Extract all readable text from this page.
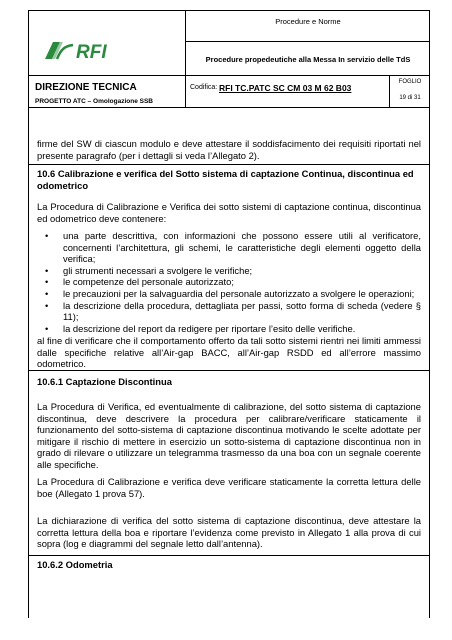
RFI
Procedure e Norme
Procedure propedeutiche alla Messa In servizio delle TdS
DIREZIONE TECNICA
PROGETTO ATC – Omologazione SSB
Codifica: RFI TC.PATC SC CM 03 M 62 B03
FOGLIO
19 di 31
firme del SW di ciascun modulo e deve attestare il soddisfacimento dei requisiti riportati nel presente paragrafo (per i dettagli si veda l’Allegato 2).
10.6 Calibrazione e verifica del Sotto sistema di captazione Continua, discontinua ed odometrico
La Procedura di Calibrazione e Verifica dei sotto sistemi di captazione continua, discontinua ed odometrico deve contenere:
• una parte descrittiva, con informazioni che possono essere utili al verificatore, concernenti l’architettura, gli schemi, le caratteristiche degli elementi oggetto della verifica;
• gli strumenti necessari a svolgere le verifiche;
• le competenze del personale autorizzato;
• le precauzioni per la salvaguardia del personale autorizzato a svolgere le operazioni;
• la descrizione della procedura, dettagliata per passi, sotto forma di scheda (vedere § 11);
• la descrizione del report da redigere per riportare l’esito delle verifiche.
al fine di verificare che il comportamento offerto da tali sotto sistemi rientri nei limiti ammessi dalle specifiche relative all’Air-gap BACC, all’Air-gap RSDD ed all’errore massimo odometrico.
10.6.1 Captazione Discontinua
La Procedura di Verifica, ed eventualmente di calibrazione, del sotto sistema di captazione discontinua, deve descrivere la procedura per calibrare/verificare staticamente il funzionamento del sotto-sistema di captazione discontinua motivando le scelte adottate per mitigare il rischio di mettere in esercizio un sotto-sistema di captazione discontinua non in grado di rilevare o utilizzare un telegramma trasmesso da una boa con un segnale coerente alle specifiche.
La Procedura di Calibrazione e verifica deve verificare staticamente la corretta lettura delle boe (Allegato 1 prova 57).
La dichiarazione di verifica del sotto sistema di captazione discontinua, deve attestare la corretta lettura della boa e riportare l’evidenza come previsto in Allegato 1 alla prova di cui sopra (log e diagrammi del segnale letto dall’antenna).
10.6.2 Odometria
